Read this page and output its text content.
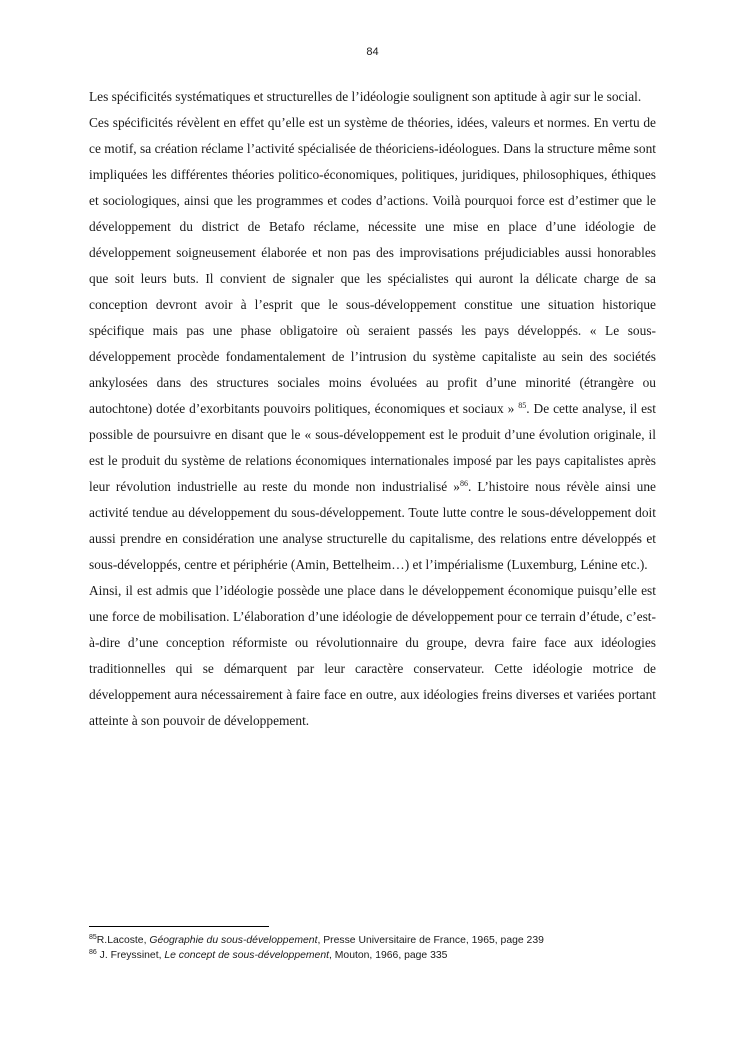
84

Les spécificités systématiques et structurelles de l’idéologie soulignent son aptitude à agir sur le social.

Ces spécificités révèlent en effet qu’elle est un système de théories, idées, valeurs et normes. En vertu de ce motif, sa création réclame l’activité spécialisée de théoriciens-idéologues. Dans la structure même sont impliquées les différentes théories politico-économiques, politiques, juridiques, philosophiques, éthiques et sociologiques, ainsi que les programmes et codes d’actions. Voilà pourquoi force est d’estimer que le développement du district de Betafo réclame, nécessite une mise en place d’une idéologie de développement soigneusement élaborée et non pas des improvisations préjudiciables aussi honorables que soit leurs buts. Il convient de signaler que les spécialistes qui auront la délicate charge de sa conception devront avoir à l’esprit que le sous-développement constitue une situation historique spécifique mais pas une phase obligatoire où seraient passés les pays développés. « Le sous-développement procède fondamentalement de l’intrusion du système capitaliste au sein des sociétés ankylosées dans des structures sociales moins évoluées au profit d’une minorité (étrangère ou autochtone) dotée d’exorbitants pouvoirs politiques, économiques et sociaux » $^{85}$. De cette analyse, il est possible de poursuivre en disant que le « sous-développement est le produit d’une évolution originale, il est le produit du système de relations économiques internationales imposé par les pays capitalistes après leur révolution industrielle au reste du monde non industrialisé »$^{86}$. L’histoire nous révèle ainsi une activité tendue au développement du sous-développement. Toute lutte contre le sous-développement doit aussi prendre en considération une analyse structurelle du capitalisme, des relations entre développés et sous-développés, centre et périphérie (Amin, Bettelheim…) et l’impérialisme (Luxemburg, Lénine etc.).

Ainsi, il est admis que l’idéologie possède une place dans le développement économique puisqu’elle est une force de mobilisation. L’élaboration d’une idéologie de développement pour ce terrain d’étude, c’est-à-dire d’une conception réformiste ou révolutionnaire du groupe, devra faire face aux idéologies traditionnelles qui se démarquent par leur caractère conservateur. Cette idéologie motrice de développement aura nécessairement à faire face en outre, aux idéologies freins diverses et variées portant atteinte à son pouvoir de développement.

$^{85}$R.Lacoste, Géographie du sous-développement, Presse Universitaire de France, 1965, page 239
$^{86}$ J. Freyssinet, Le concept de sous-développement, Mouton, 1966, page 335
